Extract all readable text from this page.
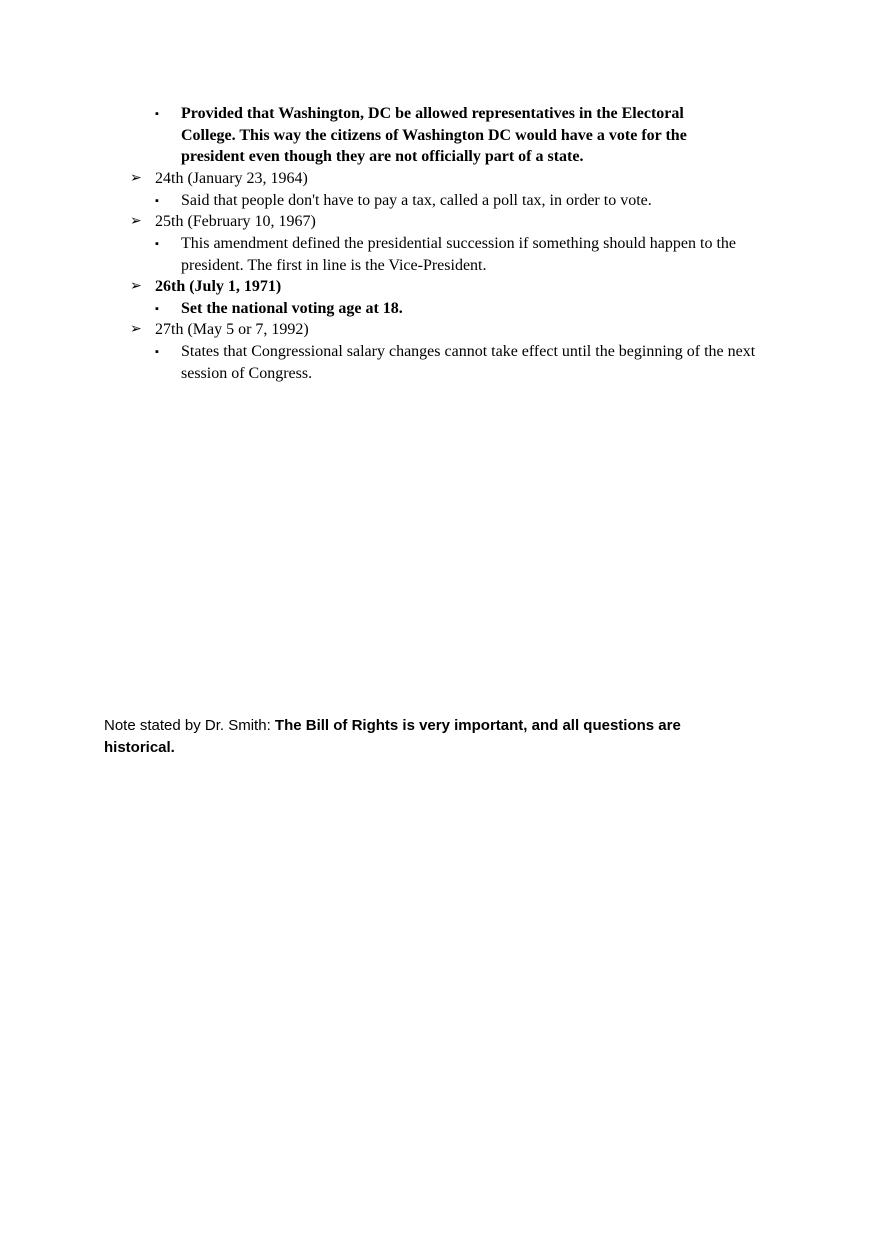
▪ Provided that Washington, DC be allowed representatives in the Electoral College. This way the citizens of Washington DC would have a vote for the president even though they are not officially part of a state.
➢ 24th (January 23, 1964)
▪ Said that people don't have to pay a tax, called a poll tax, in order to vote.
➢ 25th (February 10, 1967)
▪ This amendment defined the presidential succession if something should happen to the president. The first in line is the Vice-President.
➢ 26th (July 1, 1971)
▪ Set the national voting age at 18.
➢ 27th (May 5 or 7, 1992)
▪ States that Congressional salary changes cannot take effect until the beginning of the next session of Congress.
Note stated by Dr. Smith: The Bill of Rights is very important, and all questions are historical.
